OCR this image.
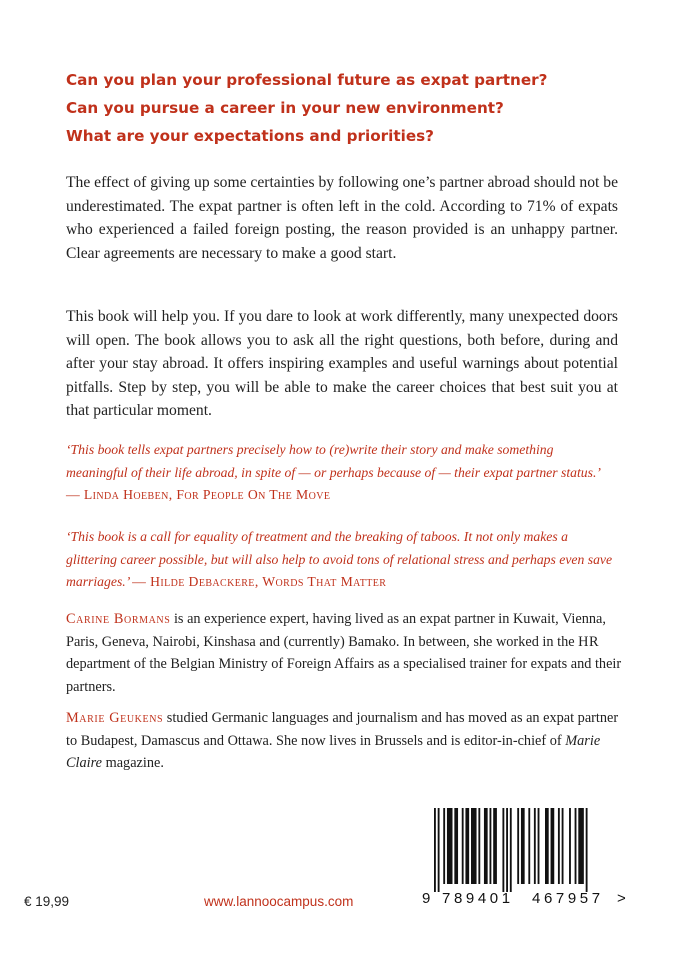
Can you plan your professional future as expat partner?
Can you pursue a career in your new environment?
What are your expectations and priorities?

The effect of giving up some certainties by following one’s partner abroad should not be underestimated. The expat partner is often left in the cold. According to 71% of expats who experienced a failed foreign posting, the reason provided is an unhappy partner. Clear agreements are necessary to make a good start.

This book will help you. If you dare to look at work differently, many unexpected doors will open. The book allows you to ask all the right questions, both before, during and after your stay abroad. It offers inspiring examples and useful warnings about potential pitfalls. Step by step, you will be able to make the career choices that best suit you at that particular moment.

‘This book tells expat partners precisely how to (re)write their story and make something meaningful of their life abroad, in spite of — or perhaps because of — their expat partner status.’
— Linda Hoeben, For People On The Move

‘This book is a call for equality of treatment and the breaking of taboos. It not only makes a glittering career possible, but will also help to avoid tons of relational stress and perhaps even save marriages.’ — Hilde Debackere, Words That Matter

Carine Bormans is an experience expert, having lived as an expat partner in Kuwait, Vienna, Paris, Geneva, Nairobi, Kinshasa and (currently) Bamako. In between, she worked in the HR department of the Belgian Ministry of Foreign Affairs as a specialised trainer for expats and their partners.

Marie Geukens studied Germanic languages and journalism and has moved as an expat partner to Budapest, Damascus and Ottawa. She now lives in Brussels and is editor-in-chief of Marie Claire magazine.

€ 19,99	www.lannoocampus.com	9 789401 467957 >
